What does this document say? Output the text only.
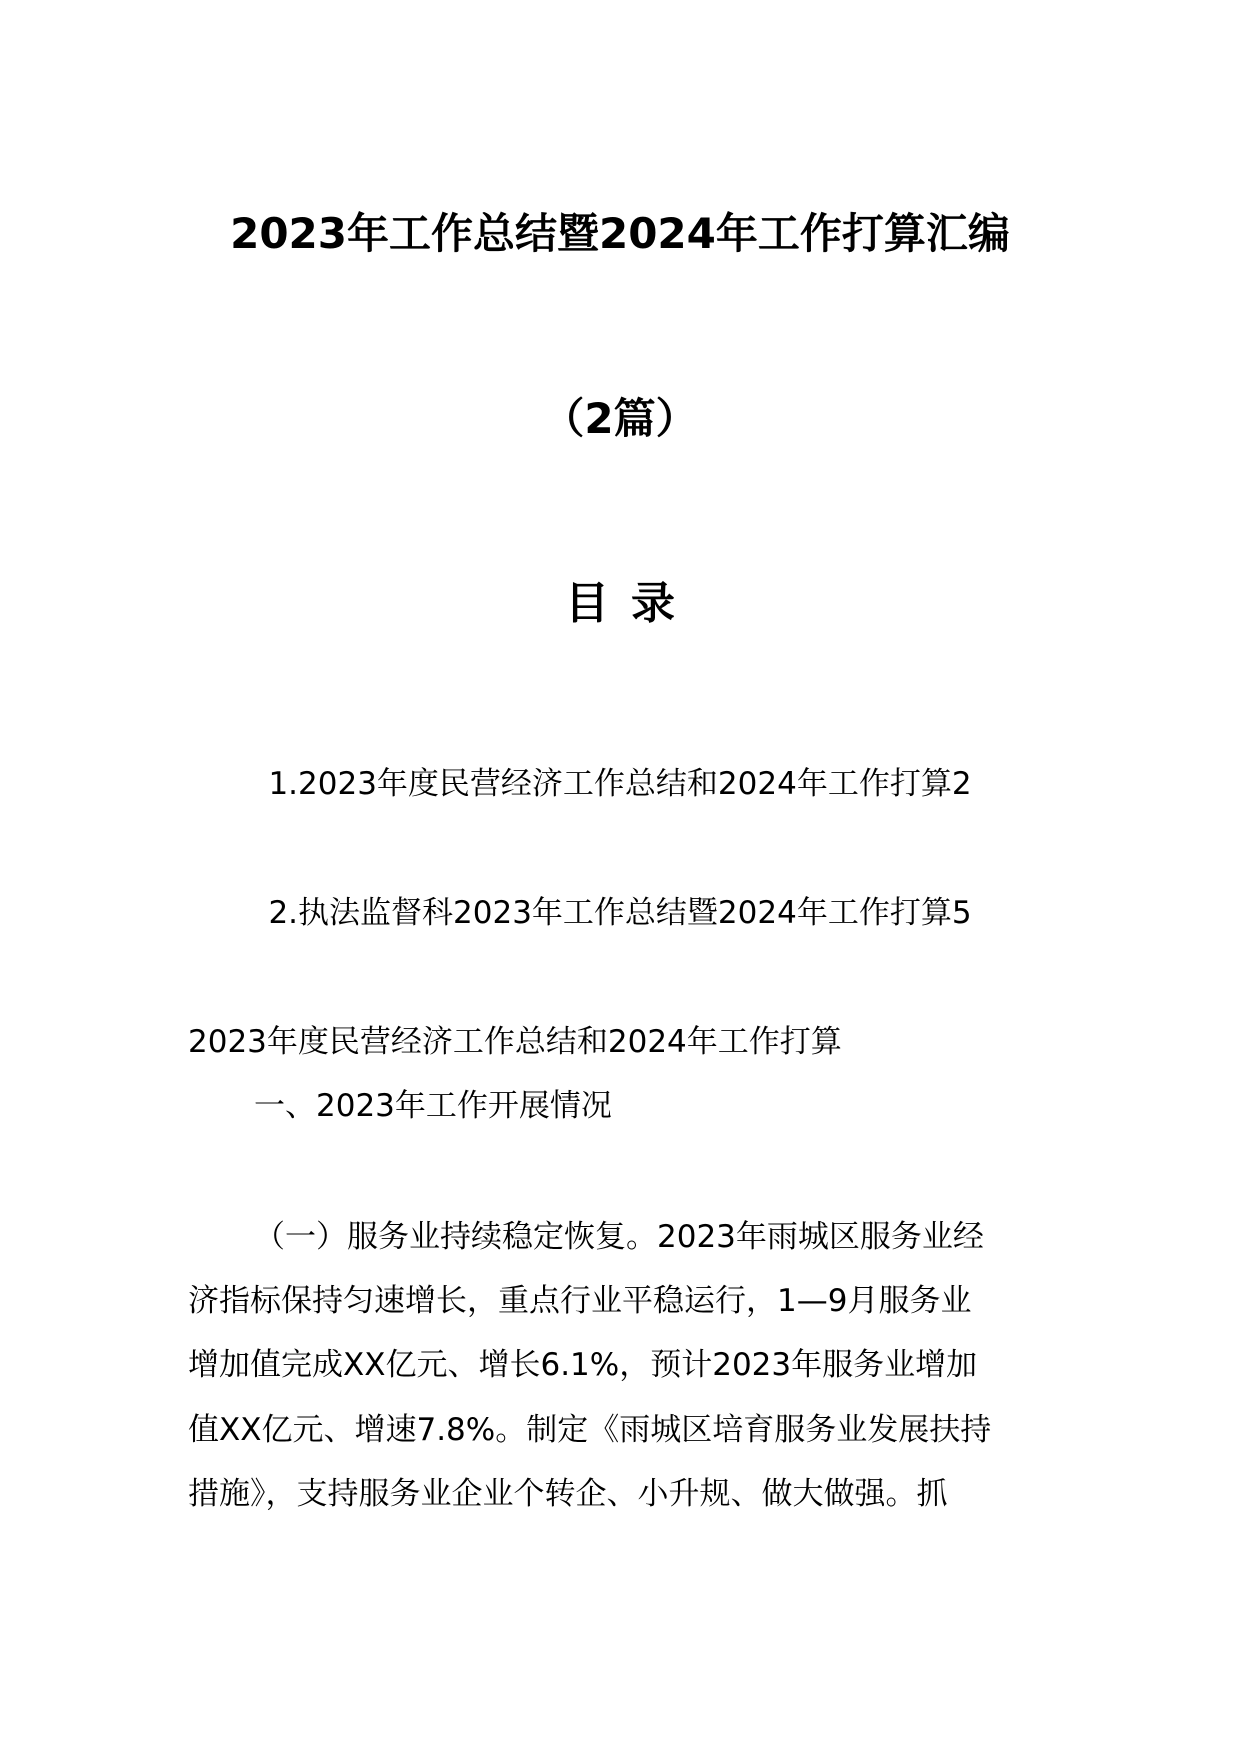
2023年工作总结暨2024年工作打算汇编
（2篇）
目录
1.2023年度民营经济工作总结和2024年工作打算2
2.执法监督科2023年工作总结暨2024年工作打算5
2023年度民营经济工作总结和2024年工作打算
一、2023年工作开展情况
（一）服务业持续稳定恢复。2023年雨城区服务业经
济指标保持匀速增长，重点行业平稳运行，1—9月服务业
增加值完成XX亿元、增长6.1%，预计2023年服务业增加
值XX亿元、增速7.8%。制定《雨城区培育服务业发展扶持
措施》，支持服务业企业个转企、小升规、做大做强。抓
